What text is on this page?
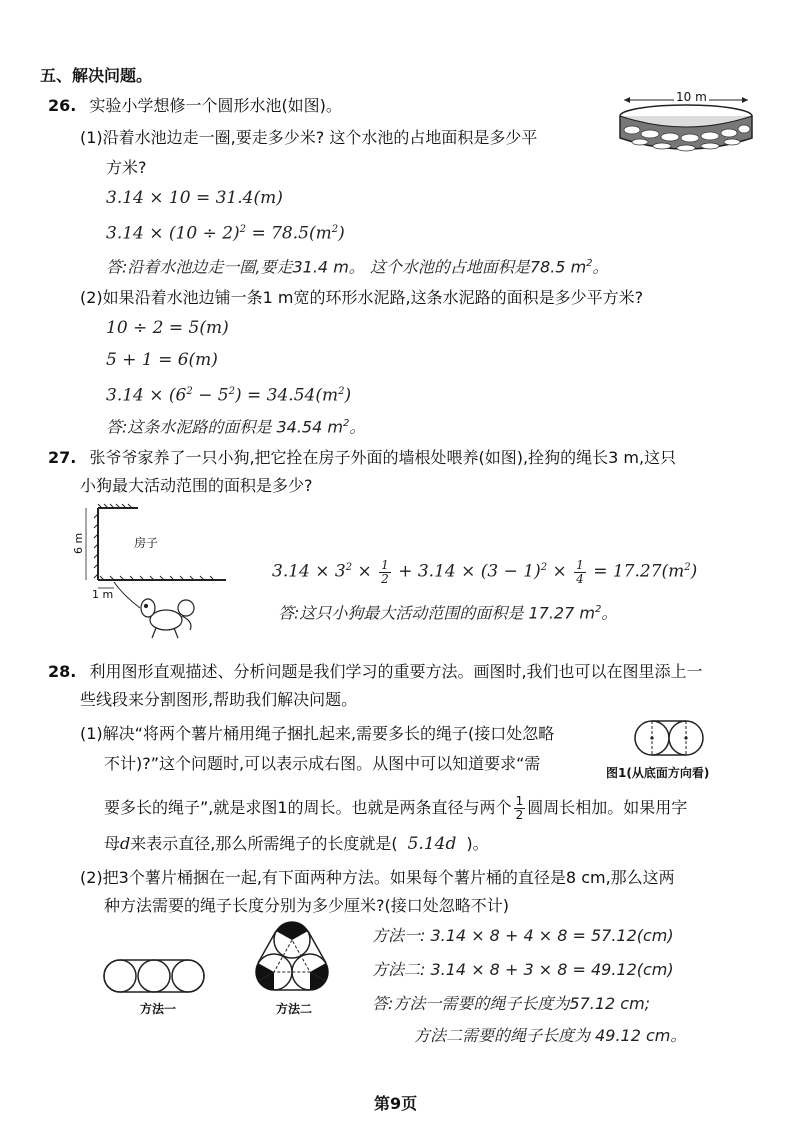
五、解决问题。
26. 实验小学想修一个圆形水池(如图)。	10 m
(1)沿着水池边走一圈,要走多少米? 这个水池的占地面积是多少平
方米?
3.14 × 10 = 31.4(m)
$3.14 \times (10 \div 2)^2 = 78.5(m^2)$
答:沿着水池边走一圈,要走31.4 m。 这个水池的占地面积是78.5 $m^2$。
(2)如果沿着水池边铺一条1 m宽的环形水泥路,这条水泥路的面积是多少平方米?
10 ÷ 2 = 5(m)
5 + 1 = 6(m)
$3.14 \times (6^2 - 5^2) = 34.54(m^2)$
答:这条水泥路的面积是 34.54 $m^2$。
27. 张爷爷家养了一只小狗,把它拴在房子外面的墙根处喂养(如图),拴狗的绳长3 m,这只
小狗最大活动范围的面积是多少?
房子
6 m
1 m
$3.14 \times 3^2 \times \frac{1}{2} + 3.14 \times (3 - 1)^2 \times \frac{1}{4} = 17.27(m^2)$
答:这只小狗最大活动范围的面积是 17.27 $m^2$。
28. 利用图形直观描述、分析问题是我们学习的重要方法。画图时,我们也可以在图里添上一
些线段来分割图形,帮助我们解决问题。
(1)解决“将两个薯片桶用绳子捆扎起来,需要多长的绳子(接口处忽略
不计)?”这个问题时,可以表示成右图。从图中可以知道要求“需	图1(从底面方向看)
要多长的绳子”,就是求图1的周长。也就是两条直径与两个 $\frac{1}{2}$ 圆周长相加。如果用字
母d来表示直径,那么所需绳子的长度就是( 5.14d )。
(2)把3个薯片桶捆在一起,有下面两种方法。如果每个薯片桶的直径是8 cm,那么这两
种方法需要的绳子长度分别为多少厘米?(接口处忽略不计)
方法一	方法二
方法一: 3.14 × 8 + 4 × 8 = 57.12(cm)
方法二: 3.14 × 8 + 3 × 8 = 49.12(cm)
答:方法一需要的绳子长度为57.12 cm;
方法二需要的绳子长度为 49.12 cm。
第9页
